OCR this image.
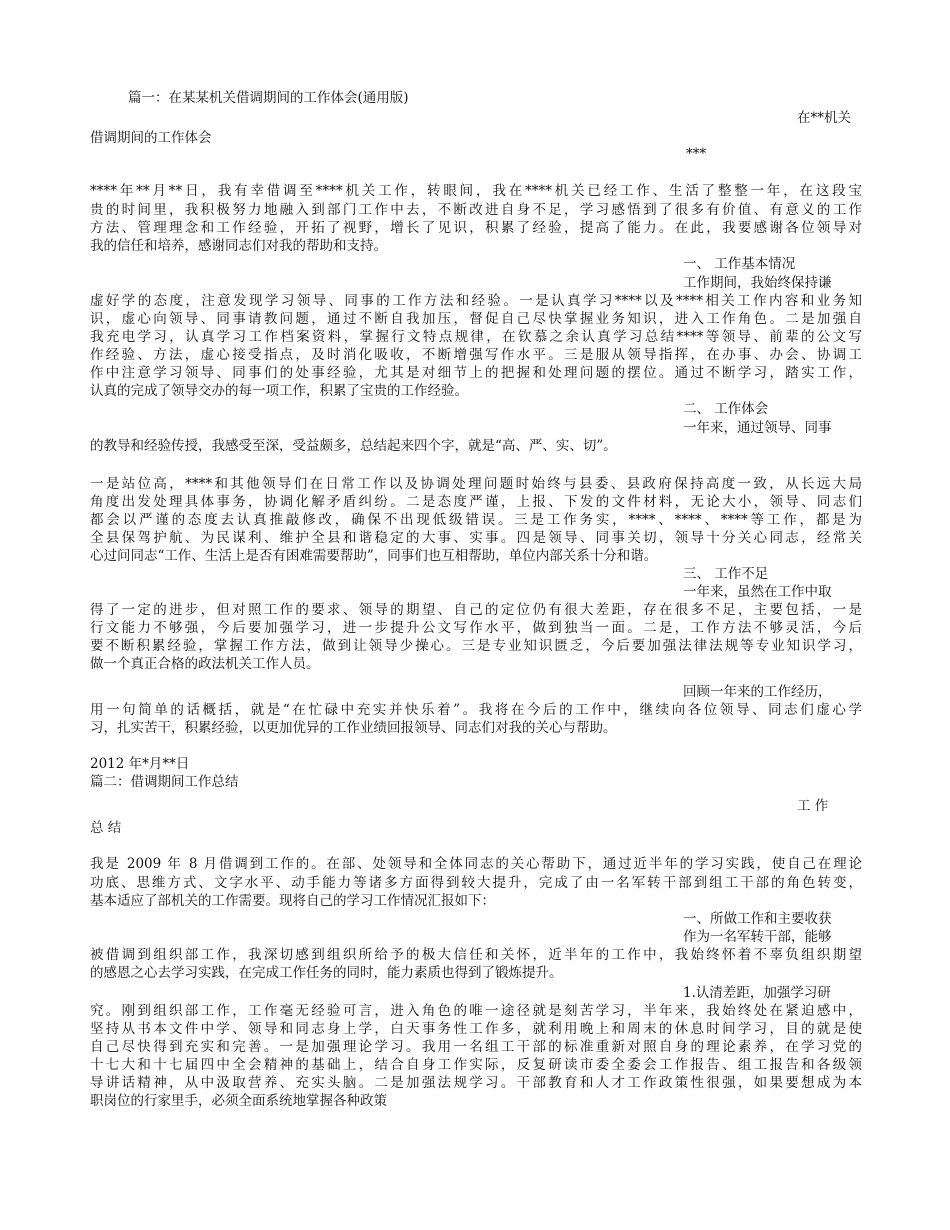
篇一：在某某机关借调期间的工作体会(通用版)
在**机关
借调期间的工作体会
***
****年**月**日，我有幸借调至****机关工作，转眼间，我在****机关已经工作、生活了整整一年，在这段宝
贵的时间里，我积极努力地融入到部门工作中去，不断改进自身不足，学习感悟到了很多有价值、有意义的工作
方法、管理理念和工作经验，开拓了视野，增长了见识，积累了经验，提高了能力。在此，我要感谢各位领导对
我的信任和培养，感谢同志们对我的帮助和支持。
一、 工作基本情况
工作期间，我始终保持谦
虚好学的态度，注意发现学习领导、同事的工作方法和经验。一是认真学习****以及****相关工作内容和业务知
识，虚心向领导、同事请教问题，通过不断自我加压，督促自己尽快掌握业务知识，进入工作角色。二是加强自
我充电学习，认真学习工作档案资料，掌握行文特点规律，在钦慕之余认真学习总结****等领导、前辈的公文写
作经验、方法，虚心接受指点，及时消化吸收，不断增强写作水平。三是服从领导指挥，在办事、办会、协调工
作中注意学习领导、同事们的处事经验，尤其是对细节上的把握和处理问题的摆位。通过不断学习，踏实工作，
认真的完成了领导交办的每一项工作，积累了宝贵的工作经验。
二、 工作体会
一年来，通过领导、同事
的教导和经验传授，我感受至深，受益颇多，总结起来四个字，就是“高、严、实、切”。
一是站位高，****和其他领导们在日常工作以及协调处理问题时始终与县委、县政府保持高度一致，从长远大局
角度出发处理具体事务，协调化解矛盾纠纷。二是态度严谨，上报、下发的文件材料，无论大小，领导、同志们
都会以严谨的态度去认真推敲修改，确保不出现低级错误。三是工作务实，****、****、****等工作，都是为
全县保驾护航、为民谋利、维护全县和谐稳定的大事、实事。四是领导、同事关切，领导十分关心同志，经常关
心过问同志“工作、生活上是否有困难需要帮助”，同事们也互相帮助，单位内部关系十分和谐。
三、 工作不足
一年来，虽然在工作中取
得了一定的进步，但对照工作的要求、领导的期望、自己的定位仍有很大差距，存在很多不足，主要包括，一是
行文能力不够强，今后要加强学习，进一步提升公文写作水平，做到独当一面。二是，工作方法不够灵活，今后
要不断积累经验，掌握工作方法，做到让领导少操心。三是专业知识匮乏，今后要加强法律法规等专业知识学习，
做一个真正合格的政法机关工作人员。
回顾一年来的工作经历，
用一句简单的话概括，就是“在忙碌中充实并快乐着”。我将在今后的工作中，继续向各位领导、同志们虚心学
习，扎实苦干，积累经验，以更加优异的工作业绩回报领导、同志们对我的关心与帮助。
2012 年*月**日
篇二：借调期间工作总结
工 作
总 结
我是 2009 年 8 月借调到工作的。在部、处领导和全体同志的关心帮助下，通过近半年的学习实践，使自己在理论
功底、思维方式、文字水平、动手能力等诸多方面得到较大提升，完成了由一名军转干部到组工干部的角色转变，
基本适应了部机关的工作需要。现将自己的学习工作情况汇报如下：
一、所做工作和主要收获
作为一名军转干部，能够
被借调到组织部工作，我深切感到组织所给予的极大信任和关怀，近半年的工作中，我始终怀着不辜负组织期望
的感恩之心去学习实践，在完成工作任务的同时，能力素质也得到了锻炼提升。
1.认清差距，加强学习研
究。刚到组织部工作，工作毫无经验可言，进入角色的唯一途径就是刻苦学习，半年来，我始终处在紧迫感中，
坚持从书本文件中学、领导和同志身上学，白天事务性工作多，就利用晚上和周末的休息时间学习，目的就是使
自己尽快得到充实和完善。一是加强理论学习。我用一名组工干部的标准重新对照自身的理论素养，在学习党的
十七大和十七届四中全会精神的基础上，结合自身工作实际，反复研读市委全委会工作报告、组工报告和各级领
导讲话精神，从中汲取营养、充实头脑。二是加强法规学习。干部教育和人才工作政策性很强，如果要想成为本
职岗位的行家里手，必须全面系统地掌握各种政策
